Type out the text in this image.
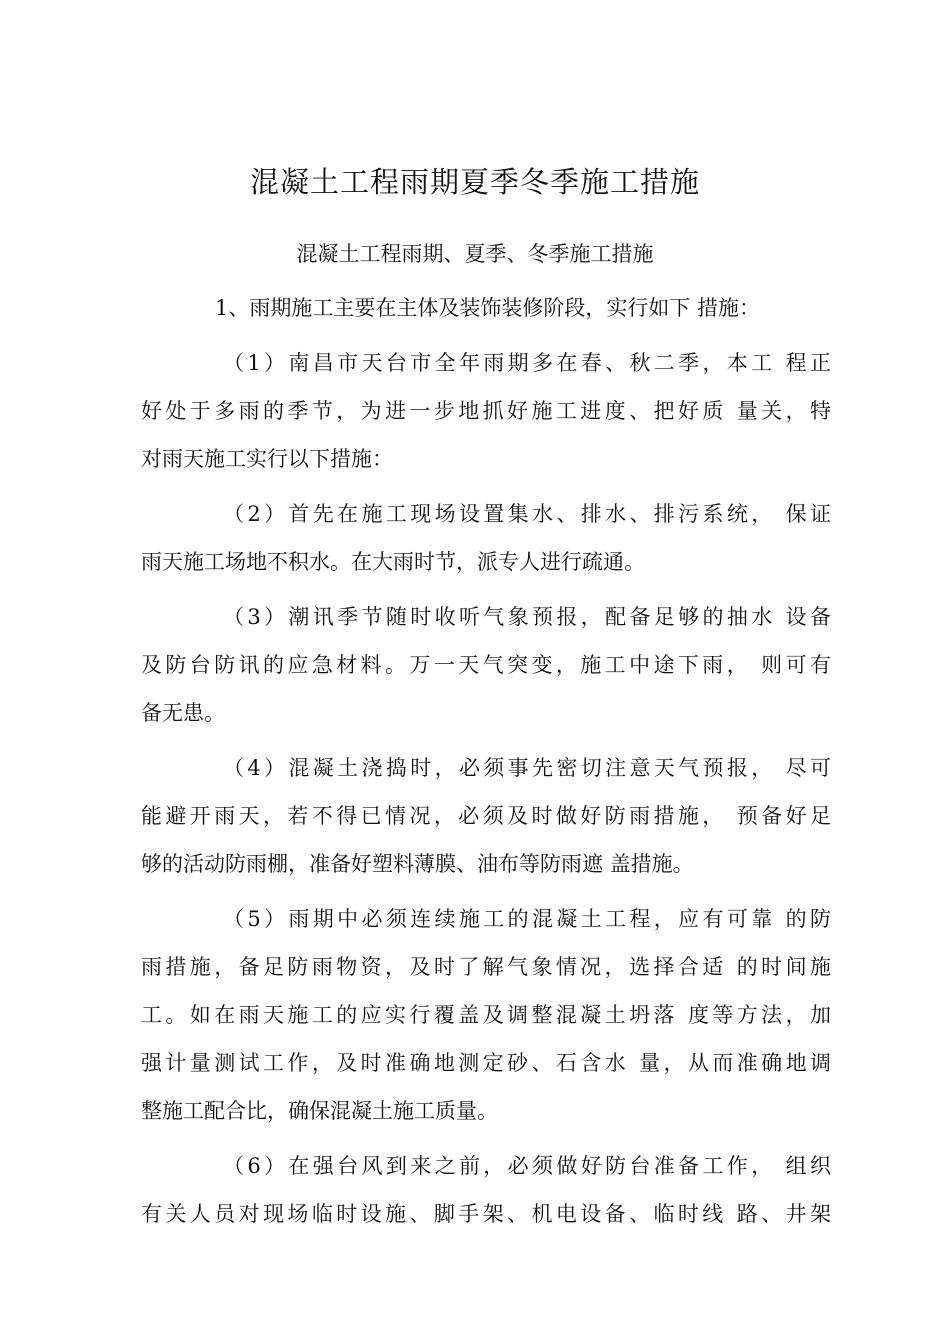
混凝土工程雨期夏季冬季施工措施
混凝土工程雨期、夏季、冬季施工措施
1、雨期施工主要在主体及装饰装修阶段，实行如下 措施：
（1）南昌市天台市全年雨期多在春、秋二季，本工 程正
好处于多雨的季节，为进一步地抓好施工进度、把好质 量关，特
对雨天施工实行以下措施：
（2）首先在施工现场设置集水、排水、排污系统， 保证
雨天施工场地不积水。在大雨时节，派专人进行疏通。
（3）潮讯季节随时收听气象预报，配备足够的抽水 设备
及防台防讯的应急材料。万一天气突变，施工中途下雨， 则可有
备无患。
（4）混凝土浇捣时，必须事先密切注意天气预报， 尽可
能避开雨天，若不得已情况，必须及时做好防雨措施， 预备好足
够的活动防雨棚，准备好塑料薄膜、油布等防雨遮 盖措施。
（5）雨期中必须连续施工的混凝土工程，应有可靠 的防
雨措施，备足防雨物资，及时了解气象情况，选择合适 的时间施
工。如在雨天施工的应实行覆盖及调整混凝土坍落 度等方法，加
强计量测试工作，及时准确地测定砂、石含水 量，从而准确地调
整施工配合比，确保混凝土施工质量。
（6）在强台风到来之前，必须做好防台准备工作， 组织
有关人员对现场临时设施、脚手架、机电设备、临时线 路、井架
